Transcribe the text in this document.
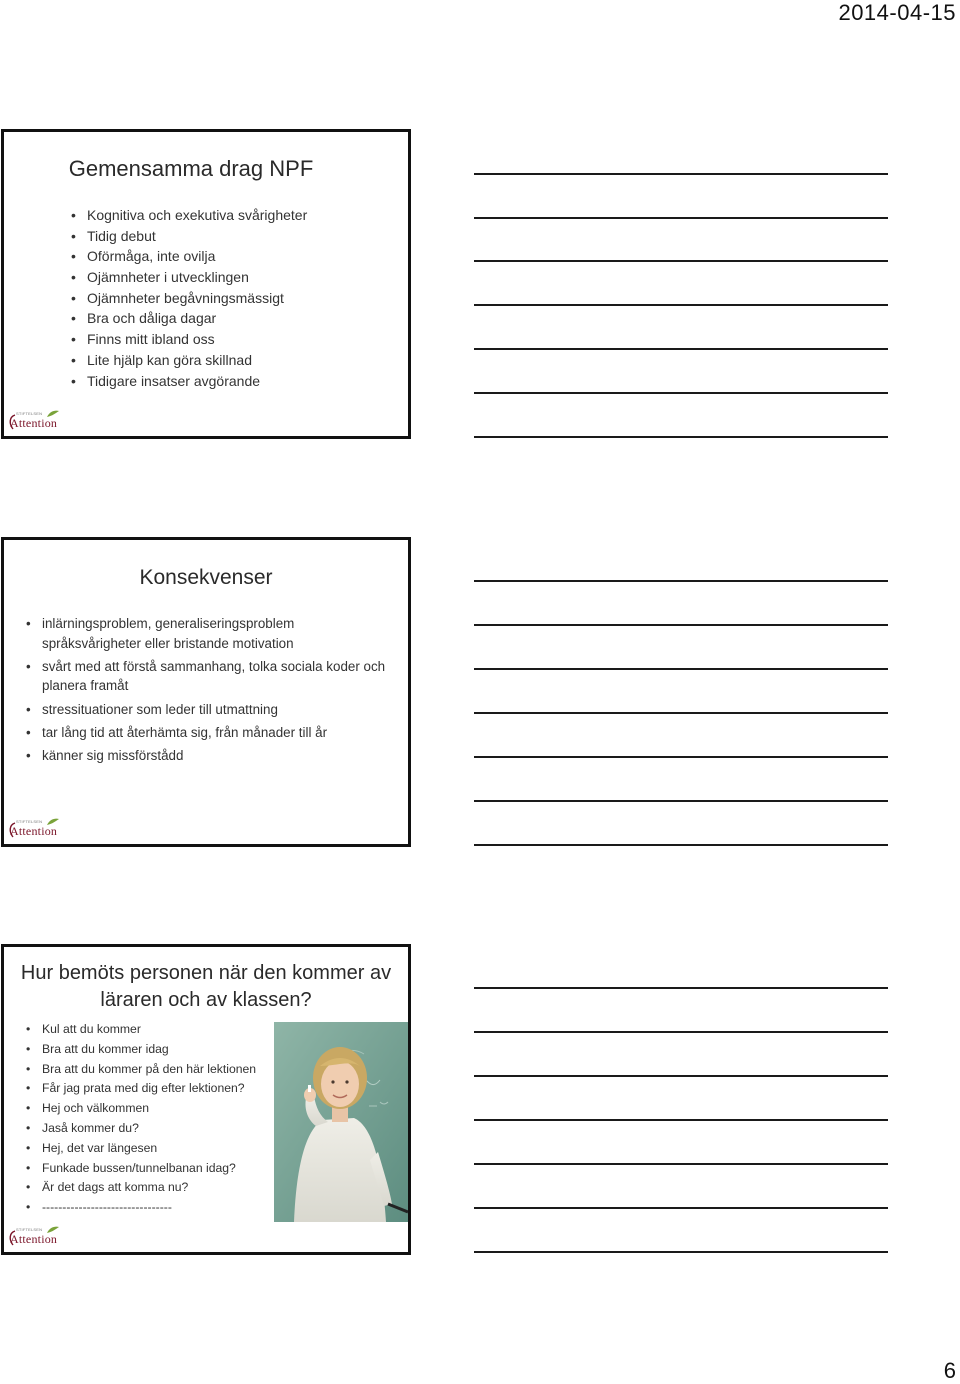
2014-04-15
Gemensamma drag NPF
• Kognitiva och exekutiva svårigheter
• Tidig debut
• Oförmåga, inte ovilja
• Ojämnheter i utvecklingen
• Ojämnheter begåvningsmässigt
• Bra och dåliga dagar
• Finns mitt ibland oss
• Lite hjälp kan göra skillnad
• Tidigare insatser avgörande
STIFTELSEN
Attention
Konsekvenser
• inlärningsproblem, generaliseringsproblem språksvårigheter eller bristande motivation
• svårt med att förstå sammanhang, tolka sociala koder och planera framåt
• stressituationer som leder till utmattning
• tar lång tid att återhämta sig, från månader till år
• känner sig missförstådd
STIFTELSEN
Attention
Hur bemöts personen när den kommer av läraren och av klassen?
• Kul att du kommer
• Bra att du kommer idag
• Bra att du kommer på den här lektionen
• Får jag prata med dig efter lektionen?
• Hej och välkommen
• Jaså kommer du?
• Hej, det var längesen
• Funkade bussen/tunnelbanan idag?
• Är det dags att komma nu?
• --------------------------------
STIFTELSEN
Attention
6
